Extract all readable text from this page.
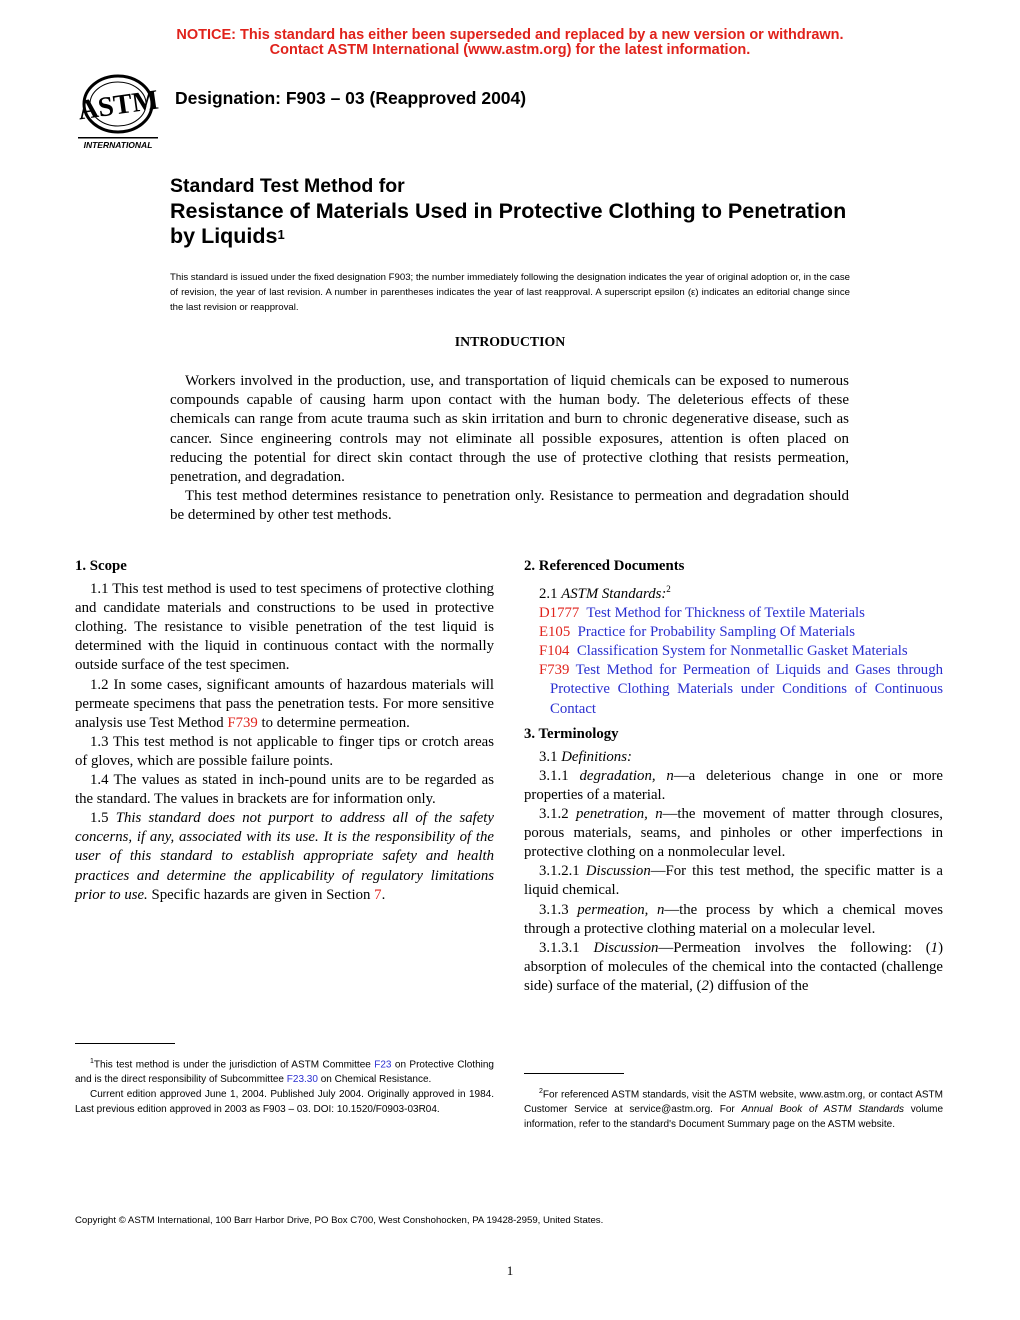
NOTICE: This standard has either been superseded and replaced by a new version or withdrawn.
Contact ASTM International (www.astm.org) for the latest information.
ASTM
INTERNATIONAL
Designation: F903 – 03 (Reapproved 2004)
Standard Test Method for
Resistance of Materials Used in Protective Clothing to Penetration by Liquids$^1$
This standard is issued under the fixed designation F903; the number immediately following the designation indicates the year of original adoption or, in the case of revision, the year of last revision. A number in parentheses indicates the year of last reapproval. A superscript epsilon (ε) indicates an editorial change since the last revision or reapproval.
INTRODUCTION

Workers involved in the production, use, and transportation of liquid chemicals can be exposed to numerous compounds capable of causing harm upon contact with the human body. The deleterious effects of these chemicals can range from acute trauma such as skin irritation and burn to chronic degenerative disease, such as cancer. Since engineering controls may not eliminate all possible exposures, attention is often placed on reducing the potential for direct skin contact through the use of protective clothing that resists permeation, penetration, and degradation.

This test method determines resistance to penetration only. Resistance to permeation and degradation should be determined by other test methods.

1. Scope

1.1 This test method is used to test specimens of protective clothing and candidate materials and constructions to be used in protective clothing. The resistance to visible penetration of the test liquid is determined with the liquid in continuous contact with the normally outside surface of the test specimen.

1.2 In some cases, significant amounts of hazardous materials will permeate specimens that pass the penetration tests. For more sensitive analysis use Test Method F739 to determine permeation.

1.3 This test method is not applicable to finger tips or crotch areas of gloves, which are possible failure points.

1.4 The values as stated in inch-pound units are to be regarded as the standard. The values in brackets are for information only.

1.5 This standard does not purport to address all of the safety concerns, if any, associated with its use. It is the responsibility of the user of this standard to establish appropriate safety and health practices and determine the applicability of regulatory limitations prior to use. Specific hazards are given in Section 7.

2. Referenced Documents

2.1 ASTM Standards:$^2$

D1777 Test Method for Thickness of Textile Materials

E105 Practice for Probability Sampling Of Materials

F104 Classification System for Nonmetallic Gasket Materials

F739 Test Method for Permeation of Liquids and Gases through Protective Clothing Materials under Conditions of Continuous Contact

3. Terminology

3.1 Definitions:

3.1.1 degradation, n—a deleterious change in one or more properties of a material.

3.1.2 penetration, n—the movement of matter through closures, porous materials, seams, and pinholes or other imperfections in protective clothing on a nonmolecular level.

3.1.2.1 Discussion—For this test method, the specific matter is a liquid chemical.

3.1.3 permeation, n—the process by which a chemical moves through a protective clothing material on a molecular level.

3.1.3.1 Discussion—Permeation involves the following: (1) absorption of molecules of the chemical into the contacted (challenge side) surface of the material, (2) diffusion of the

$^1$This test method is under the jurisdiction of ASTM Committee F23 on Protective Clothing and is the direct responsibility of Subcommittee F23.30 on Chemical Resistance.

Current edition approved June 1, 2004. Published July 2004. Originally approved in 1984. Last previous edition approved in 2003 as F903 – 03. DOI: 10.1520/F0903-03R04.

$^2$For referenced ASTM standards, visit the ASTM website, www.astm.org, or contact ASTM Customer Service at service@astm.org. For Annual Book of ASTM Standards volume information, refer to the standard's Document Summary page on the ASTM website.

Copyright © ASTM International, 100 Barr Harbor Drive, PO Box C700, West Conshohocken, PA 19428-2959, United States.
1
